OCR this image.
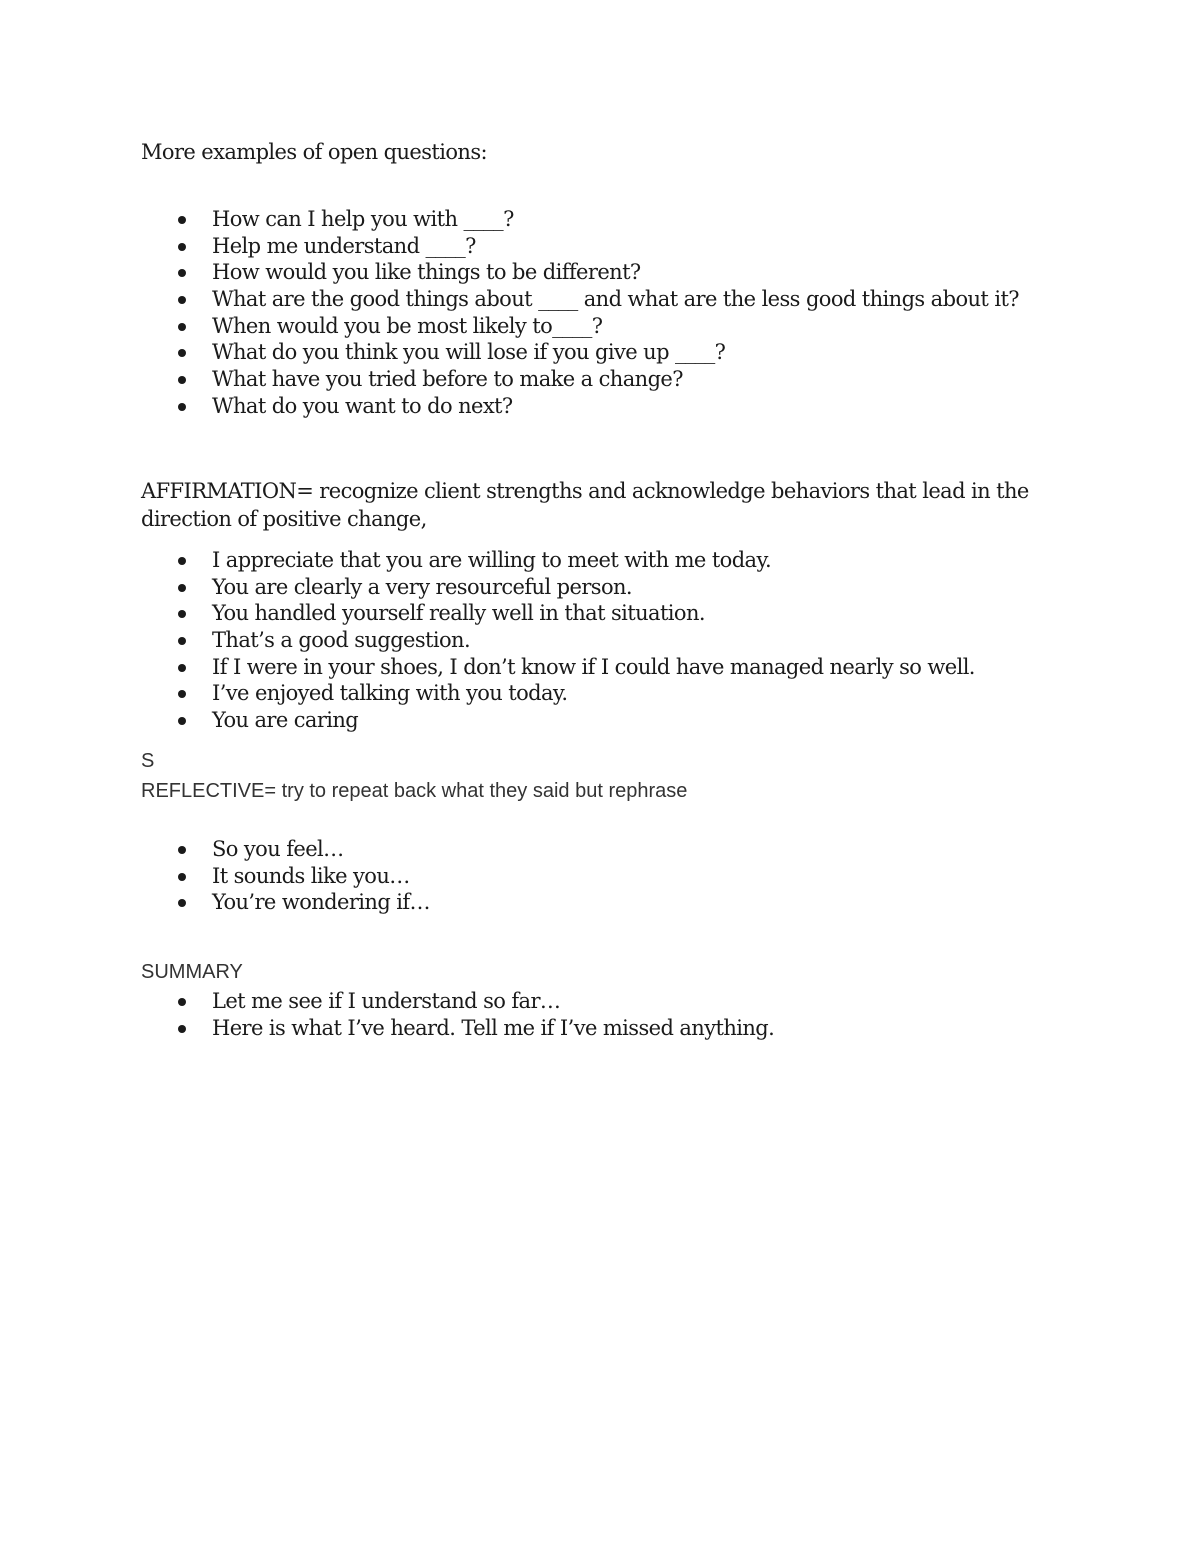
More examples of open questions:

How can I help you with ____?
Help me understand ____?
How would you like things to be different?
What are the good things about ____ and what are the less good things about it?
When would you be most likely to____?
What do you think you will lose if you give up ____?
What have you tried before to make a change?
What do you want to do next?

AFFIRMATION= recognize client strengths and acknowledge behaviors that lead in the direction of positive change,

I appreciate that you are willing to meet with me today.
You are clearly a very resourceful person.
You handled yourself really well in that situation.
That’s a good suggestion.
If I were in your shoes, I don’t know if I could have managed nearly so well.
I’ve enjoyed talking with you today.
You are caring

S

REFLECTIVE= try to repeat back what they said but rephrase

So you feel…
It sounds like you…
You’re wondering if…

SUMMARY

Let me see if I understand so far…
Here is what I’ve heard. Tell me if I’ve missed anything.
